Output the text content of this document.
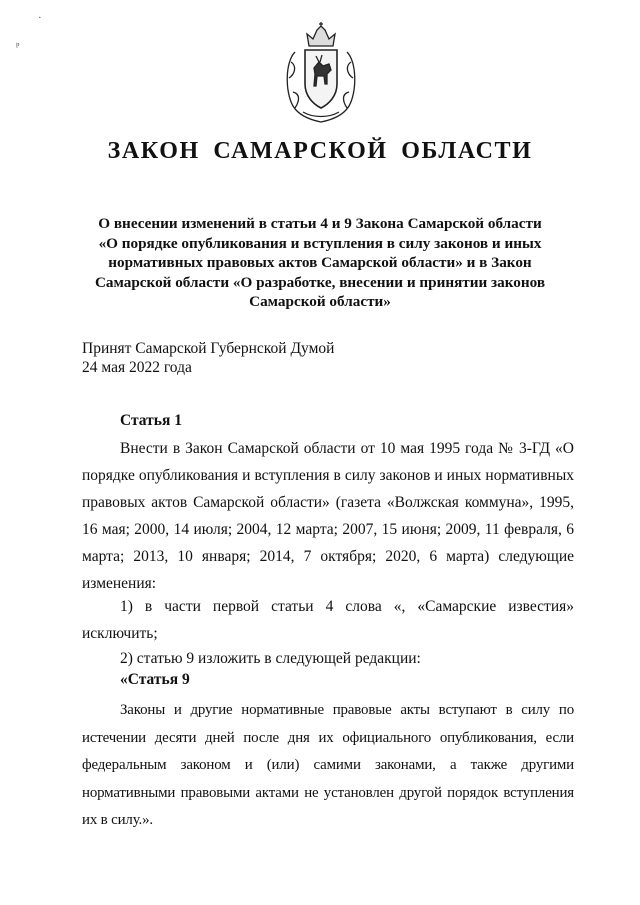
·
ᵖ
ЗАКОН САМАРСКОЙ ОБЛАСТИ
О внесении изменений в статьи 4 и 9 Закона Самарской области «О порядке опубликования и вступления в силу законов и иных нормативных правовых актов Самарской области» и в Закон Самарской области «О разработке, внесении и принятии законов Самарской области»
Принят Самарской Губернской Думой
24 мая 2022 года
Статья 1

Внести в Закон Самарской области от 10 мая 1995 года № 3-ГД «О порядке опубликования и вступления в силу законов и иных нормативных правовых актов Самарской области» (газета «Волжская коммуна», 1995, 16 мая; 2000, 14 июля; 2004, 12 марта; 2007, 15 июня; 2009, 11 февраля, 6 марта; 2013, 10 января; 2014, 7 октября; 2020, 6 марта) следующие изменения:

1) в части первой статьи 4 слова «, «Самарские известия» исключить;

2) статью 9 изложить в следующей редакции:

«Статья 9

Законы и другие нормативные правовые акты вступают в силу по истечении десяти дней после дня их официального опубликования, если федеральным законом и (или) самими законами, а также другими нормативными правовыми актами не установлен другой порядок вступления их в силу.».
